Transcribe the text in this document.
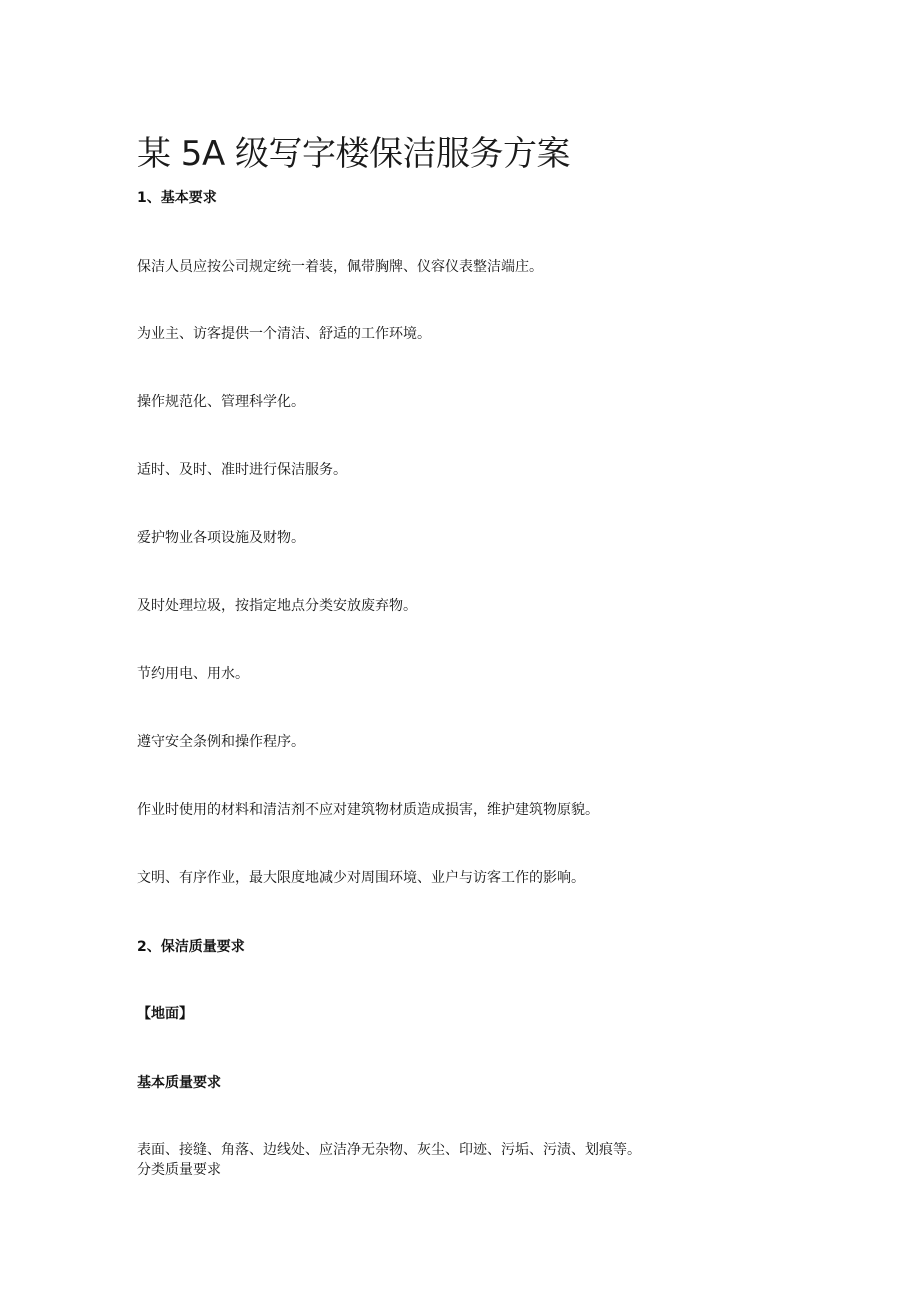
某 5A 级写字楼保洁服务方案
1、基本要求
保洁人员应按公司规定统一着装，佩带胸牌、仪容仪表整洁端庄。
为业主、访客提供一个清洁、舒适的工作环境。
操作规范化、管理科学化。
适时、及时、准时进行保洁服务。
爱护物业各项设施及财物。
及时处理垃圾，按指定地点分类安放废弃物。
节约用电、用水。
遵守安全条例和操作程序。
作业时使用的材料和清洁剂不应对建筑物材质造成损害，维护建筑物原貌。
文明、有序作业，最大限度地减少对周围环境、业户与访客工作的影响。
2、保洁质量要求
【地面】
基本质量要求
表面、接缝、角落、边线处、应洁净无杂物、灰尘、印迹、污垢、污渍、划痕等。
分类质量要求
